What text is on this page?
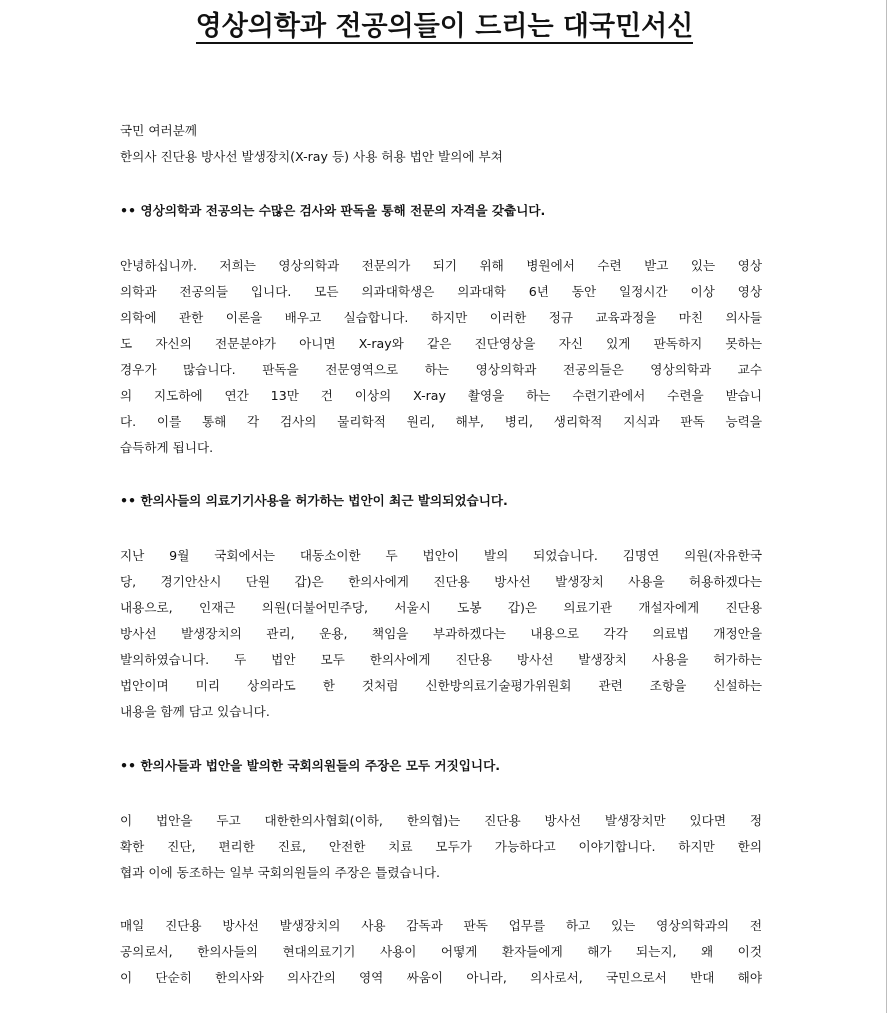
영상의학과 전공의들이 드리는 대국민서신
국민 여러분께
한의사 진단용 방사선 발생장치(X-ray 등) 사용 허용 법안 발의에 부쳐
•• 영상의학과 전공의는 수많은 검사와 판독을 통해 전문의 자격을 갖춥니다.
안녕하십니까. 저희는 영상의학과 전문의가 되기 위해 병원에서 수련 받고 있는 영상
의학과 전공의들 입니다. 모든 의과대학생은 의과대학 6년 동안 일정시간 이상 영상
의학에 관한 이론을 배우고 실습합니다. 하지만 이러한 정규 교육과정을 마친 의사들
도 자신의 전문분야가 아니면 X-ray와 같은 진단영상을 자신 있게 판독하지 못하는
경우가 많습니다. 판독을 전문영역으로 하는 영상의학과 전공의들은 영상의학과 교수
의 지도하에 연간 13만 건 이상의 X-ray 촬영을 하는 수련기관에서 수련을 받습니
다. 이를 통해 각 검사의 물리학적 원리, 해부, 병리, 생리학적 지식과 판독 능력을
습득하게 됩니다.
•• 한의사들의 의료기기사용을 허가하는 법안이 최근 발의되었습니다.
지난 9월 국회에서는 대동소이한 두 법안이 발의 되었습니다. 김명연 의원(자유한국
당, 경기안산시 단원 갑)은 한의사에게 진단용 방사선 발생장치 사용을 허용하겠다는
내용으로, 인재근 의원(더불어민주당, 서울시 도봉 갑)은 의료기관 개설자에게 진단용
방사선 발생장치의 관리, 운용, 책임을 부과하겠다는 내용으로 각각 의료법 개정안을
발의하였습니다. 두 법안 모두 한의사에게 진단용 방사선 발생장치 사용을 허가하는
법안이며 미리 상의라도 한 것처럼 신한방의료기술평가위원회 관련 조항을 신설하는
내용을 함께 담고 있습니다.
•• 한의사들과 법안을 발의한 국회의원들의 주장은 모두 거짓입니다.
이 법안을 두고 대한한의사협회(이하, 한의협)는 진단용 방사선 발생장치만 있다면 정
확한 진단, 편리한 진료, 안전한 치료 모두가 가능하다고 이야기합니다. 하지만 한의
협과 이에 동조하는 일부 국회의원들의 주장은 틀렸습니다.
매일 진단용 방사선 발생장치의 사용 감독과 판독 업무를 하고 있는 영상의학과의 전
공의로서, 한의사들의 현대의료기기 사용이 어떻게 환자들에게 해가 되는지, 왜 이것
이 단순히 한의사와 의사간의 영역 싸움이 아니라, 의사로서, 국민으로서 반대 해야
